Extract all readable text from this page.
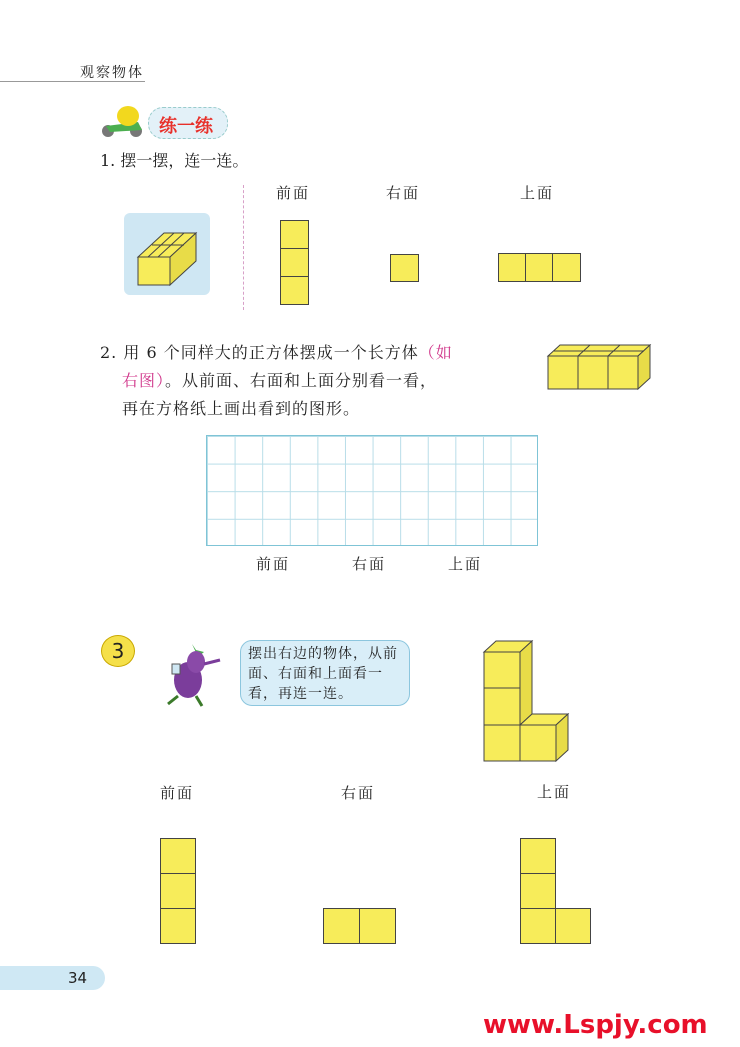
观察物体
练一练
1. 摆一摆，连一连。
前面	右面	上面
2. 用 6 个同样大的正方体摆成一个长方体（如
右图）。从前面、右面和上面分别看一看，
再在方格纸上画出看到的图形。
前面	右面	上面
3	摆出右边的物体，从前面、右面和上面看一看，再连一连。
前面	右面	上面
34
www.Lspjy.com
